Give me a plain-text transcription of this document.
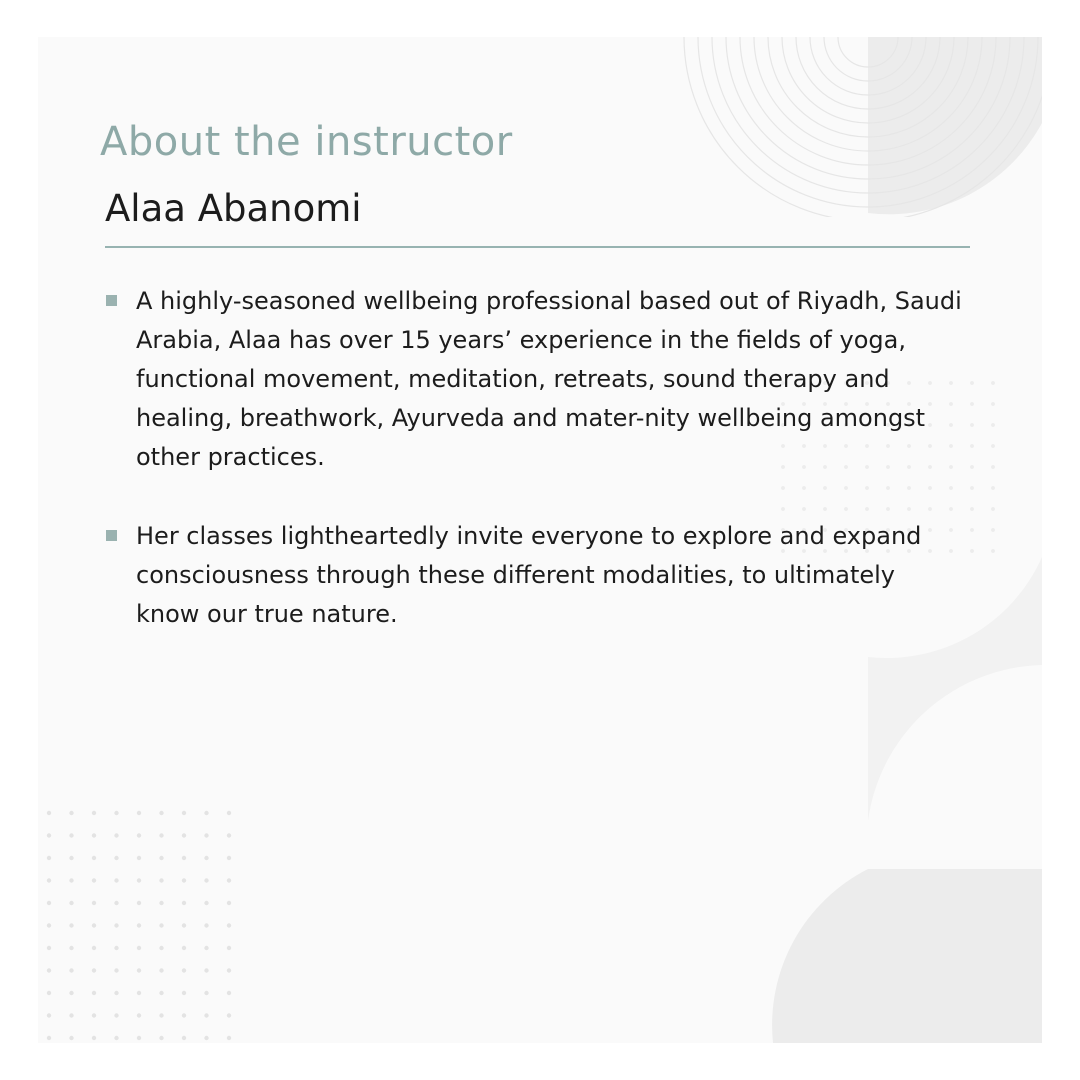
About the instructor
Alaa Abanomi
A highly-seasoned wellbeing professional based out of Riyadh, Saudi Arabia, Alaa has over 15 years’ experience in the fields of yoga, functional movement, meditation, retreats, sound therapy and healing, breathwork, Ayurveda and mater-nity wellbeing amongst other practices.
Her classes lightheartedly invite everyone to explore and expand consciousness through these different modalities, to ultimately know our true nature.
